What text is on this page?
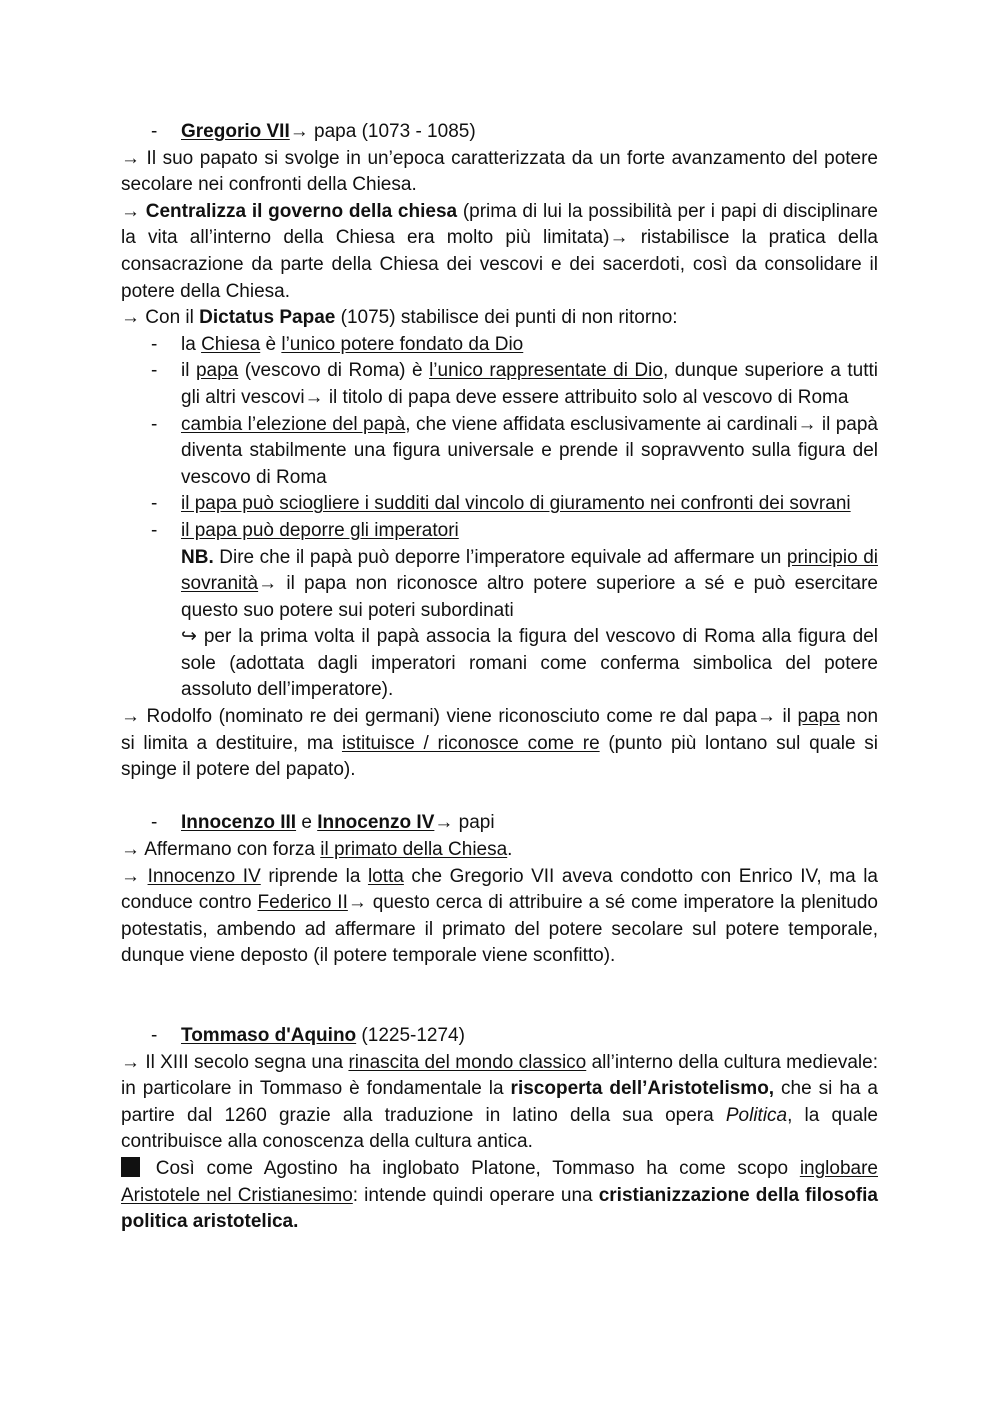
- Gregorio VII→ papa (1073 - 1085)

→ Il suo papato si svolge in un’epoca caratterizzata da un forte avanzamento del potere secolare nei confronti della Chiesa.

→ Centralizza il governo della chiesa (prima di lui la possibilità per i papi di disciplinare la vita all’interno della Chiesa era molto più limitata)→ ristabilisce la pratica della consacrazione da parte della Chiesa dei vescovi e dei sacerdoti, così da consolidare il potere della Chiesa.

→ Con il Dictatus Papae (1075) stabilisce dei punti di non ritorno:

- la Chiesa è l’unico potere fondato da Dio
- il papa (vescovo di Roma) è l’unico rappresentate di Dio, dunque superiore a tutti gli altri vescovi→ il titolo di papa deve essere attribuito solo al vescovo di Roma
- cambia l’elezione del papà, che viene affidata esclusivamente ai cardinali→ il papà diventa stabilmente una figura universale e prende il sopravvento sulla figura del vescovo di Roma
- il papa può sciogliere i sudditi dal vincolo di giuramento nei confronti dei sovrani
- il papa può deporre gli imperatori

NB. Dire che il papà può deporre l’imperatore equivale ad affermare un principio di sovranità→ il papa non riconosce altro potere superiore a sé e può esercitare questo suo potere sui poteri subordinati

↪ per la prima volta il papà associa la figura del vescovo di Roma alla figura del sole (adottata dagli imperatori romani come conferma simbolica del potere assoluto dell’imperatore).

→ Rodolfo (nominato re dei germani) viene riconosciuto come re dal papa→ il papa non si limita a destituire, ma istituisce / riconosce come re (punto più lontano sul quale si spinge il potere del papato).

- Innocenzo III e Innocenzo IV→ papi

→ Affermano con forza il primato della Chiesa.

→ Innocenzo IV riprende la lotta che Gregorio VII aveva condotto con Enrico IV, ma la conduce contro Federico II→ questo cerca di attribuire a sé come imperatore la plenitudo potestatis, ambendo ad affermare il primato del potere secolare sul potere temporale, dunque viene deposto (il potere temporale viene sconfitto).

- Tommaso d'Aquino (1225-1274)

→ Il XIII secolo segna una rinascita del mondo classico all’interno della cultura medievale: in particolare in Tommaso è fondamentale la riscoperta dell’Aristotelismo, che si ha a partire dal 1260 grazie alla traduzione in latino della sua opera Politica, la quale contribuisce alla conoscenza della cultura antica.

Così come Agostino ha inglobato Platone, Tommaso ha come scopo inglobare Aristotele nel Cristianesimo: intende quindi operare una cristianizzazione della filosofia politica aristotelica.
